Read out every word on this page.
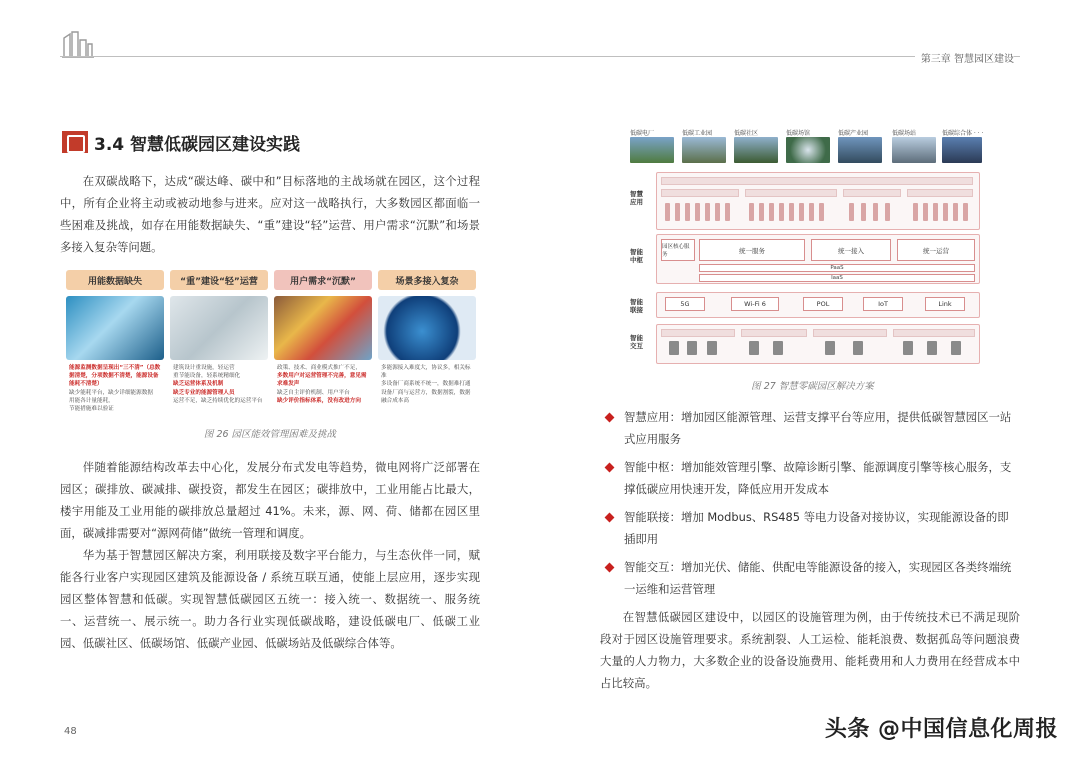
第三章 智慧园区建设
3.4 智慧低碳园区建设实践

在双碳战略下，达成“碳达峰、碳中和”目标落地的主战场就在园区，这个过程中，所有企业将主动或被动地参与进来。应对这一战略执行，大多数园区都面临一些困难及挑战，如存在用能数据缺失、“重”建设“轻”运营、用户需求“沉默”和场景多接入复杂等问题。

用能数据缺失
能源监测数据呈现出“三不清”（总数据清楚，分项数据不清楚，能源设备能耗不清楚）
缺少能耗平台，缺少详细能源数据
用能各计量能耗，
节能措施难以验证
“重”建设“轻”运营
建筑设计重设施，轻运营
重节能设备，轻系统精细化
缺乏运营体系及机制
缺乏专业的能源管理人员
运营不足，缺乏持续优化的运营平台
用户需求“沉默”
政策、技术、商业模式推广不足，
多数用户对运营管理不完善，意见需求难发声
缺乏自主评价机制、用户平台
缺少评价指标体系，没有改进方向
场景多接入复杂
多能源接入难度大，协议多，相关标准
多设备厂商系统不统一，数据难打通
设备厂商与运营方，数据割裂，数据融合成本高
图 26 园区能效管理困难及挑战

伴随着能源结构改革去中心化，发展分布式发电等趋势，微电网将广泛部署在园区；碳排放、碳减排、碳投资，都发生在园区；碳排放中，工业用能占比最大，楼宇用能及工业用能的碳排放总量超过 41%。未来，源、网、荷、储都在园区里面，碳减排需要对“源网荷储”做统一管理和调度。

华为基于智慧园区解决方案，利用联接及数字平台能力，与生态伙伴一同，赋能各行业客户实现园区建筑及能源设备 / 系统互联互通，使能上层应用，逐步实现园区整体智慧和低碳。实现智慧低碳园区五统一：接入统一、数据统一、服务统一、运营统一、展示统一。助力各行业实现低碳战略，建设低碳电厂、低碳工业园、低碳社区、低碳场馆、低碳产业园、低碳场站及低碳综合体等。

48
低碳电厂	低碳工业园	低碳社区	低碳场馆	低碳产业园	低碳场站	低碳综合体 · · ·
智慧应用
智能中枢
园区核心服务
统一服务	统一接入	统一运营
PaaS
IaaS
智能联接
5G	Wi-Fi 6	POL	IoT	Link
智能交互
图 27 智慧零碳园区解决方案
智慧应用：增加园区能源管理、运营支撑平台等应用，提供低碳智慧园区一站式应用服务
智能中枢：增加能效管理引擎、故障诊断引擎、能源调度引擎等核心服务，支撑低碳应用快速开发，降低应用开发成本
智能联接：增加 Modbus、RS485 等电力设备对接协议，实现能源设备的即插即用
智能交互：增加光伏、储能、供配电等能源设备的接入，实现园区各类终端统一运维和运营管理

在智慧低碳园区建设中，以园区的设施管理为例，由于传统技术已不满足现阶段对于园区设施管理要求。系统割裂、人工运检、能耗浪费、数据孤岛等问题浪费大量的人力物力，大多数企业的设备设施费用、能耗费用和人力费用在经营成本中占比较高。

头条 @中国信息化周报
